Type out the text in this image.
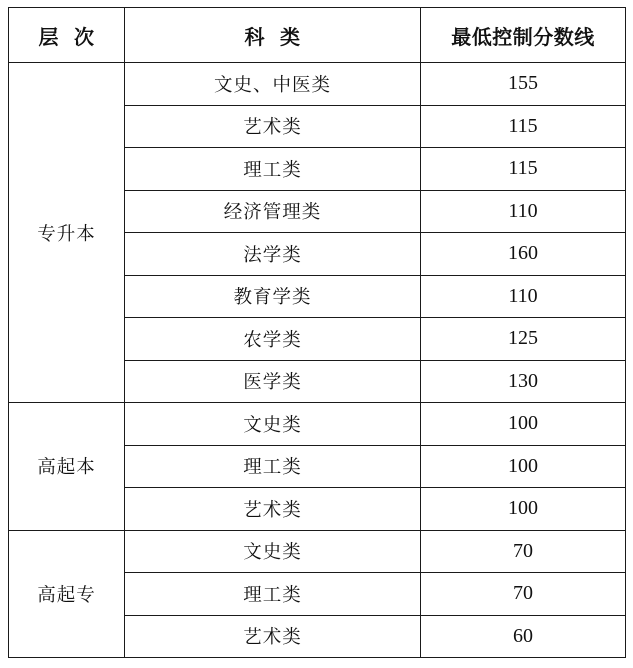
层  次	科  类	最低控制分数线
专升本	文史、中医类	155
	艺术类	115
	理工类	115
	经济管理类	110
	法学类	160
	教育学类	110
	农学类	125
	医学类	130
高起本	文史类	100
	理工类	100
	艺术类	100
高起专	文史类	70
	理工类	70
	艺术类	60
